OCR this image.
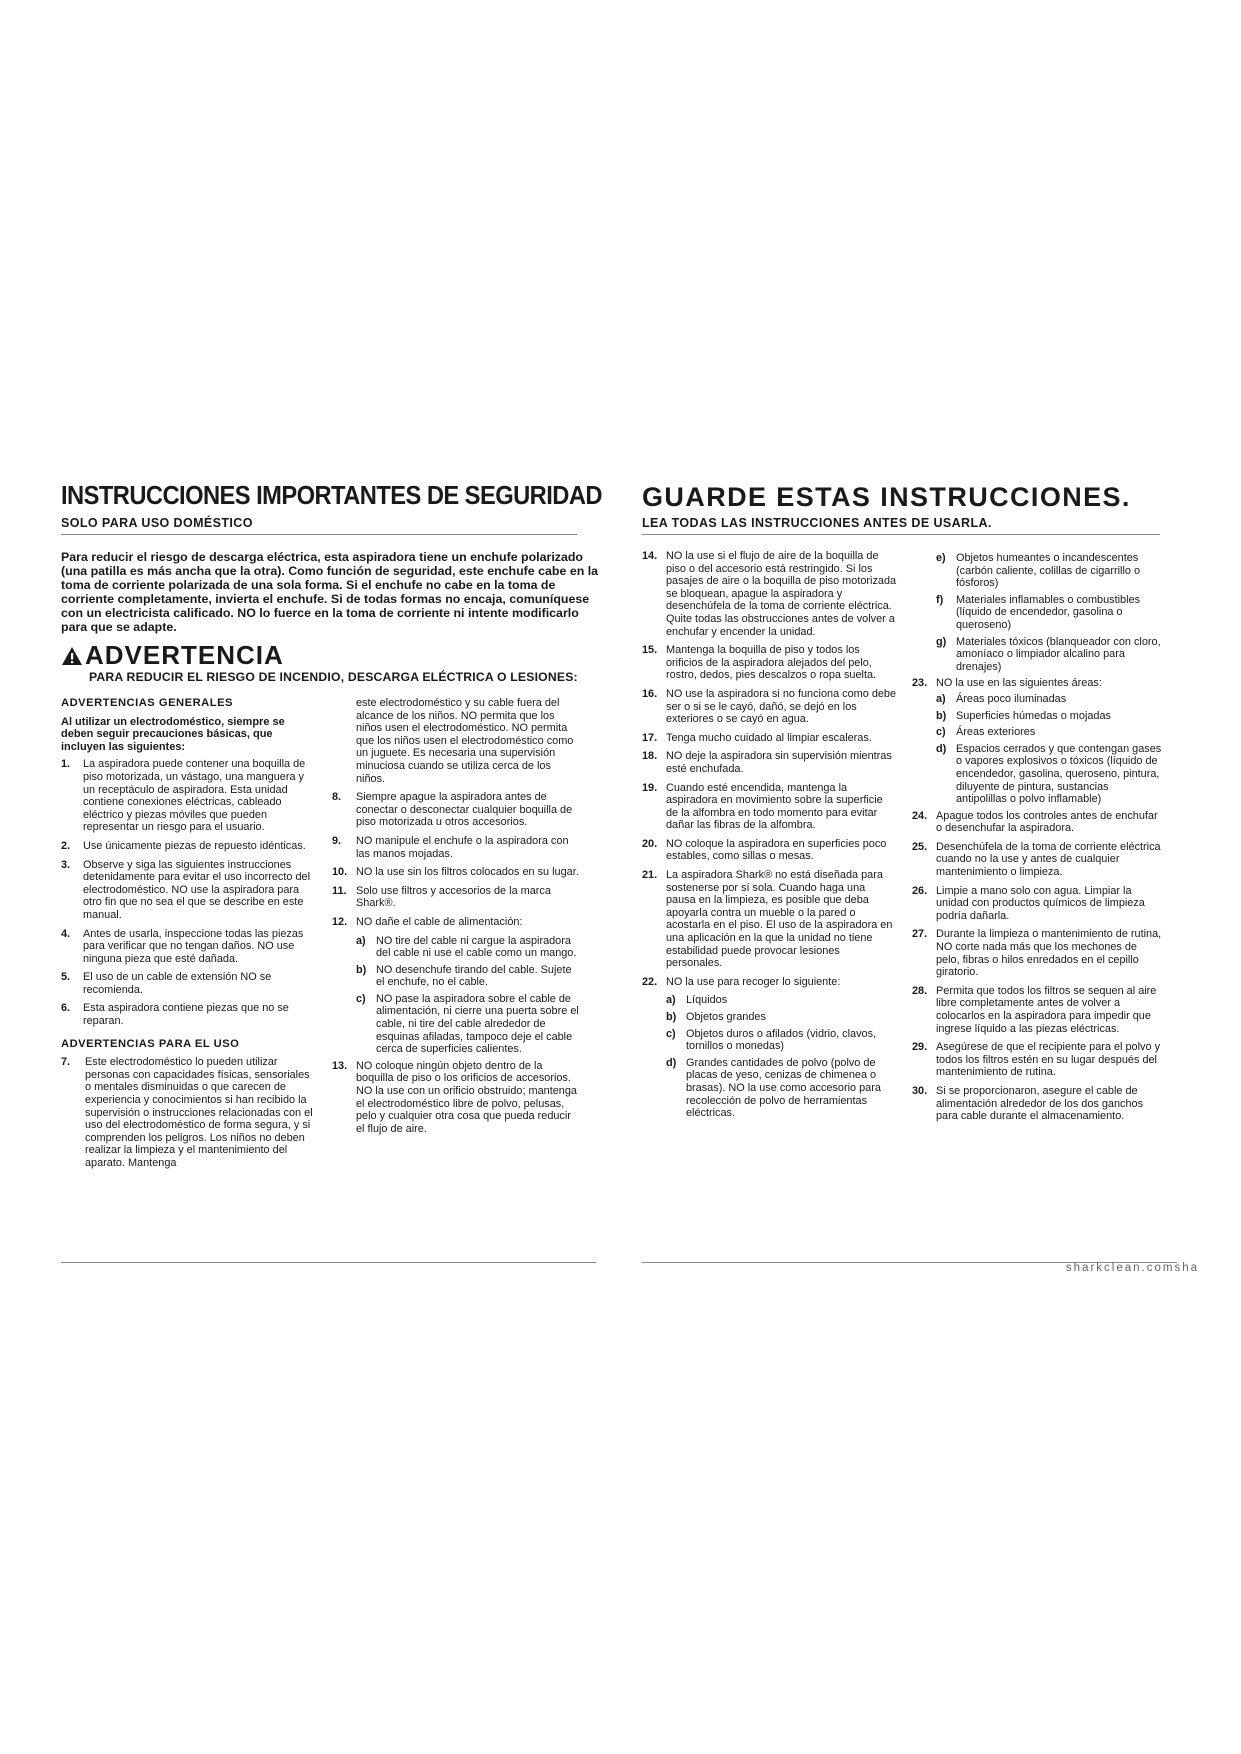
INSTRUCCIONES IMPORTANTES DE SEGURIDAD
SOLO PARA USO DOMÉSTICO
Para reducir el riesgo de descarga eléctrica, esta aspiradora tiene un enchufe polarizado (una patilla es más ancha que la otra). Como función de seguridad, este enchufe cabe en la toma de corriente polarizada de una sola forma. Si el enchufe no cabe en la toma de corriente completamente, invierta el enchufe. Si de todas formas no encaja, comuníquese con un electricista calificado. NO lo fuerce en la toma de corriente ni intente modificarlo para que se adapte.
ADVERTENCIA
PARA REDUCIR EL RIESGO DE INCENDIO, DESCARGA ELÉCTRICA O LESIONES:
ADVERTENCIAS GENERALES
Al utilizar un electrodoméstico, siempre se deben seguir precauciones básicas, que incluyen las siguientes:
1.	La aspiradora puede contener una boquilla de piso motorizada, un vástago, una manguera y un receptáculo de aspiradora. Esta unidad contiene conexiones eléctricas, cableado eléctrico y piezas móviles que pueden representar un riesgo para el usuario.
2.	Use únicamente piezas de repuesto idénticas.
3.	Observe y siga las siguientes instrucciones detenidamente para evitar el uso incorrecto del electrodoméstico. NO use la aspiradora para otro fin que no sea el que se describe en este manual.
4.	Antes de usarla, inspeccione todas las piezas para verificar que no tengan daños. NO use ninguna pieza que esté dañada.
5.	El uso de un cable de extensión NO se recomienda.
6.	Esta aspiradora contiene piezas que no se reparan.
ADVERTENCIAS PARA EL USO
7.	Este electrodoméstico lo pueden utilizar personas con capacidades físicas, sensoriales o mentales disminuidas o que carecen de experiencia y conocimientos si han recibido la supervisión o instrucciones relacionadas con el uso del electrodoméstico de forma segura, y si comprenden los peligros. Los niños no deben realizar la limpieza y el mantenimiento del aparato. Mantenga
este electrodoméstico y su cable fuera del alcance de los niños. NO permita que los niños usen el electrodoméstico. NO permita que los niños usen el electrodoméstico como un juguete. Es necesaria una supervisión minuciosa cuando se utiliza cerca de los niños.
8.	Siempre apague la aspiradora antes de conectar o desconectar cualquier boquilla de piso motorizada u otros accesorios.
9.	NO manipule el enchufe o la aspiradora con las manos mojadas.
10. NO la use sin los filtros colocados en su lugar.
11. Solo use filtros y accesorios de la marca Shark®.
12. NO dañe el cable de alimentación:
a) NO tire del cable ni cargue la aspiradora del cable ni use el cable como un mango.
b) NO desenchufe tirando del cable. Sujete el enchufe, no el cable.
c) NO pase la aspiradora sobre el cable de alimentación, ni cierre una puerta sobre el cable, ni tire del cable alrededor de esquinas afiladas, tampoco deje el cable cerca de superficies calientes.
13. NO coloque ningún objeto dentro de la boquilla de piso o los orificios de accesorios. NO la use con un orificio obstruido; mantenga el electrodoméstico libre de polvo, pelusas, pelo y cualquier otra cosa que pueda reducir el flujo de aire.
GUARDE ESTAS INSTRUCCIONES.
LEA TODAS LAS INSTRUCCIONES ANTES DE USARLA.
14. NO la use si el flujo de aire de la boquilla de piso o del accesorio está restringido. Si los pasajes de aire o la boquilla de piso motorizada se bloquean, apague la aspiradora y desenchúfela de la toma de corriente eléctrica. Quite todas las obstrucciones antes de volver a enchufar y encender la unidad.
15. Mantenga la boquilla de piso y todos los orificios de la aspiradora alejados del pelo, rostro, dedos, pies descalzos o ropa suelta.
16. NO use la aspiradora si no funciona como debe ser o si se le cayó, dañó, se dejó en los exteriores o se cayó en agua.
17. Tenga mucho cuidado al limpiar escaleras.
18. NO deje la aspiradora sin supervisión mientras esté enchufada.
19. Cuando esté encendida, mantenga la aspiradora en movimiento sobre la superficie de la alfombra en todo momento para evitar dañar las fibras de la alfombra.
20. NO coloque la aspiradora en superficies poco estables, como sillas o mesas.
21. La aspiradora Shark® no está diseñada para sostenerse por sí sola. Cuando haga una pausa en la limpieza, es posible que deba apoyarla contra un mueble o la pared o acostarla en el piso. El uso de la aspiradora en una aplicación en la que la unidad no tiene estabilidad puede provocar lesiones personales.
22. NO la use para recoger lo siguiente:
a) Líquidos
b) Objetos grandes
c) Objetos duros o afilados (vidrio, clavos, tornillos o monedas)
d) Grandes cantidades de polvo (polvo de placas de yeso, cenizas de chimenea o brasas). NO la use como accesorio para recolección de polvo de herramientas eléctricas.
e) Objetos humeantes o incandescentes (carbón caliente, colillas de cigarrillo o fósforos)
f)	Materiales inflamables o combustibles (líquido de encendedor, gasolina o queroseno)
g) Materiales tóxicos (blanqueador con cloro, amoníaco o limpiador alcalino para drenajes)
23. NO la use en las siguientes áreas:
a) Áreas poco iluminadas
b) Superficies húmedas o mojadas
c) Áreas exteriores
d) Espacios cerrados y que contengan gases o vapores explosivos o tóxicos (líquido de encendedor, gasolina, queroseno, pintura, diluyente de pintura, sustancias antipolillas o polvo inflamable)
24. Apague todos los controles antes de enchufar o desenchufar la aspiradora.
25. Desenchúfela de la toma de corriente eléctrica cuando no la use y antes de cualquier mantenimiento o limpieza.
26. Limpie a mano solo con agua. Limpiar la unidad con productos químicos de limpieza podría dañarla.
27. Durante la limpieza o mantenimiento de rutina, NO corte nada más que los mechones de pelo, fibras o hilos enredados en el cepillo giratorio.
28. Permita que todos los filtros se sequen al aire libre completamente antes de volver a colocarlos en la aspiradora para impedir que ingrese líquido a las piezas eléctricas.
29. Asegúrese de que el recipiente para el polvo y todos los filtros estén en su lugar después del mantenimiento de rutina.
30. Si se proporcionaron, asegure el cable de alimentación alrededor de los dos ganchos para cable durante el almacenamiento.
sharkclean.comsha
